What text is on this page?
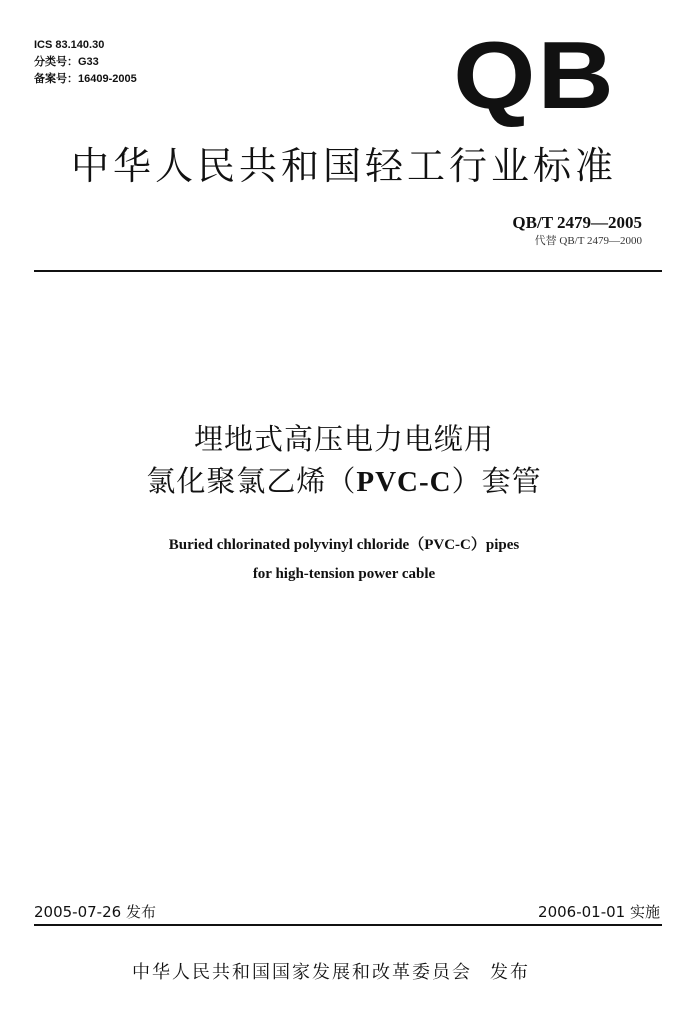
ICS 83.140.30
分类号：G33
备案号：16409-2005	QB
中华人民共和国轻工行业标准
QB/T 2479—2005
代替 QB/T 2479—2000
埋地式高压电力电缆用
氯化聚氯乙烯（PVC-C）套管
Buried chlorinated polyvinyl chloride（PVC-C）pipes
for high-tension power cable
2005-07-26 发布	2006-01-01 实施
中华人民共和国国家发展和改革委员会 发布
